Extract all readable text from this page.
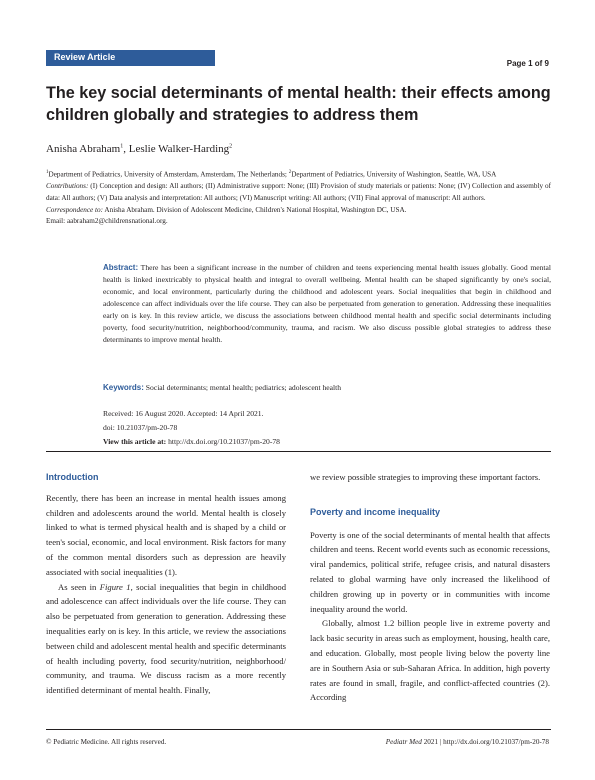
Review Article
Page 1 of 9
The key social determinants of mental health: their effects among children globally and strategies to address them
Anisha Abraham$^1$, Leslie Walker-Harding$^2$
$^1$Department of Pediatrics, University of Amsterdam, Amsterdam, The Netherlands; $^2$Department of Pediatrics, University of Washington, Seattle, WA, USA
Contributions: (I) Conception and design: All authors; (II) Administrative support: None; (III) Provision of study materials or patients: None; (IV) Collection and assembly of data: All authors; (V) Data analysis and interpretation: All authors; (VI) Manuscript writing: All authors; (VII) Final approval of manuscript: All authors.
Correspondence to: Anisha Abraham. Division of Adolescent Medicine, Children's National Hospital, Washington DC, USA.
Email: aabraham2@childrensnational.org.
Abstract: There has been a significant increase in the number of children and teens experiencing mental health issues globally. Good mental health is linked inextricably to physical health and integral to overall wellbeing. Mental health can be shaped significantly by one's social, economic, and local environment, particularly during the childhood and adolescent years. Social inequalities that begin in childhood and adolescence can affect individuals over the life course. They can also be perpetuated from generation to generation. Addressing these inequalities early on is key. In this review article, we discuss the associations between childhood mental health and specific social determinants including poverty, food security/nutrition, neighborhood/community, trauma, and racism. We also discuss possible global strategies to address these determinants to improve mental health.
Keywords: Social determinants; mental health; pediatrics; adolescent health
Received: 16 August 2020. Accepted: 14 April 2021.
doi: 10.21037/pm-20-78
View this article at: http://dx.doi.org/10.21037/pm-20-78
Introduction

Recently, there has been an increase in mental health issues among children and adolescents around the world. Mental health is closely linked to what is termed physical health and is shaped by a child or teen's social, economic, and local environment. Risk factors for many of the common mental disorders such as depression are heavily associated with social inequalities (1).

As seen in Figure 1, social inequalities that begin in childhood and adolescence can affect individuals over the life course. They can also be perpetuated from generation to generation. Addressing these inequalities early on is key. In this article, we review the associations between child and adolescent mental health and specific determinants of health including poverty, food security/nutrition, neighborhood/ community, and trauma. We discuss racism as a more recently identified determinant of mental health. Finally,

we review possible strategies to improving these important factors.

Poverty and income inequality

Poverty is one of the social determinants of mental health that affects children and teens. Recent world events such as economic recessions, viral pandemics, political strife, refugee crisis, and natural disasters related to global warming have only increased the likelihood of children growing up in poverty or in communities with income inequality around the world.

Globally, almost 1.2 billion people live in extreme poverty and lack basic security in areas such as employment, housing, health care, and education. Globally, most people living below the poverty line are in Southern Asia or sub-Saharan Africa. In addition, high poverty rates are found in small, fragile, and conflict-affected countries (2). According

© Pediatric Medicine. All rights reserved.	Pediatr Med 2021 | http://dx.doi.org/10.21037/pm-20-78
